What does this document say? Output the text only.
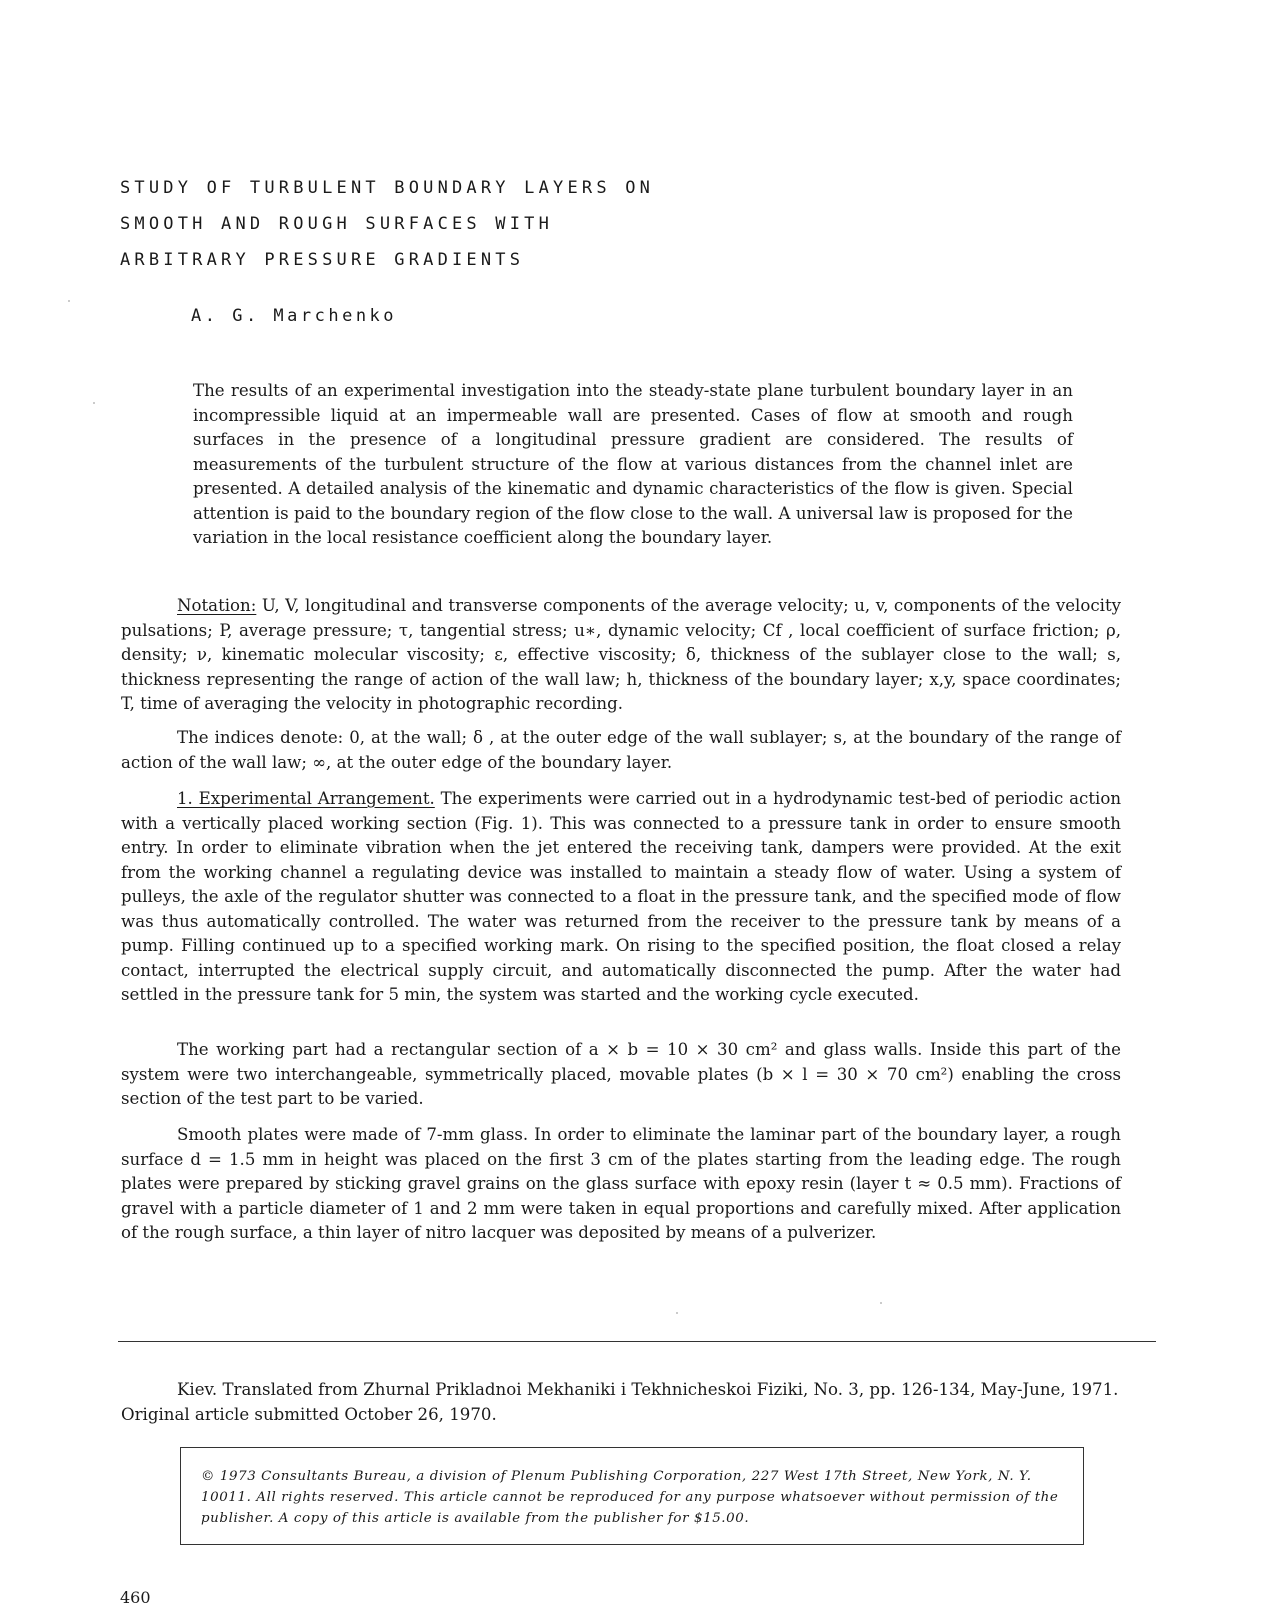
STUDY OF TURBULENT BOUNDARY LAYERS ON
SMOOTH AND ROUGH SURFACES WITH
ARBITRARY PRESSURE GRADIENTS
A. G. Marchenko
The results of an experimental investigation into the steady-state plane turbulent boundary layer in an incompressible liquid at an impermeable wall are presented. Cases of flow at smooth and rough surfaces in the presence of a longitudinal pressure gradient are considered. The results of measurements of the turbulent structure of the flow at various distances from the channel inlet are presented. A detailed analysis of the kinematic and dynamic characteristics of the flow is given. Special attention is paid to the boundary region of the flow close to the wall. A universal law is proposed for the variation in the local resistance coefficient along the boundary layer.

Notation: U, V, longitudinal and transverse components of the average velocity; u, v, components of the velocity pulsations; P, average pressure; τ, tangential stress; u∗, dynamic velocity; Cf , local coefficient of surface friction; ρ, density; ν, kinematic molecular viscosity; ε, effective viscosity; δ, thickness of the sublayer close to the wall; s, thickness representing the range of action of the wall law; h, thickness of the boundary layer; x,y, space coordinates; T, time of averaging the velocity in photographic recording.

The indices denote: 0, at the wall; δ , at the outer edge of the wall sublayer; s, at the boundary of the range of action of the wall law; ∞, at the outer edge of the boundary layer.

1. Experimental Arrangement. The experiments were carried out in a hydrodynamic test-bed of periodic action with a vertically placed working section (Fig. 1). This was connected to a pressure tank in order to ensure smooth entry. In order to eliminate vibration when the jet entered the receiving tank, dampers were provided. At the exit from the working channel a regulating device was installed to maintain a steady flow of water. Using a system of pulleys, the axle of the regulator shutter was connected to a float in the pressure tank, and the specified mode of flow was thus automatically controlled. The water was returned from the receiver to the pressure tank by means of a pump. Filling continued up to a specified working mark. On rising to the specified position, the float closed a relay contact, interrupted the electrical supply circuit, and automatically disconnected the pump. After the water had settled in the pressure tank for 5 min, the system was started and the working cycle executed.

The working part had a rectangular section of a × b = 10 × 30 cm² and glass walls. Inside this part of the system were two interchangeable, symmetrically placed, movable plates (b × l = 30 × 70 cm²) enabling the cross section of the test part to be varied.

Smooth plates were made of 7-mm glass. In order to eliminate the laminar part of the boundary layer, a rough surface d = 1.5 mm in height was placed on the first 3 cm of the plates starting from the leading edge. The rough plates were prepared by sticking gravel grains on the glass surface with epoxy resin (layer t ≈ 0.5 mm). Fractions of gravel with a particle diameter of 1 and 2 mm were taken in equal proportions and carefully mixed. After application of the rough surface, a thin layer of nitro lacquer was deposited by means of a pulverizer.

Kiev. Translated from Zhurnal Prikladnoi Mekhaniki i Tekhnicheskoi Fiziki, No. 3, pp. 126-134, May-June, 1971. Original article submitted October 26, 1970.
© 1973 Consultants Bureau, a division of Plenum Publishing Corporation, 227 West 17th Street, New York, N. Y. 10011. All rights reserved. This article cannot be reproduced for any purpose whatsoever without permission of the publisher. A copy of this article is available from the publisher for $15.00.
460
